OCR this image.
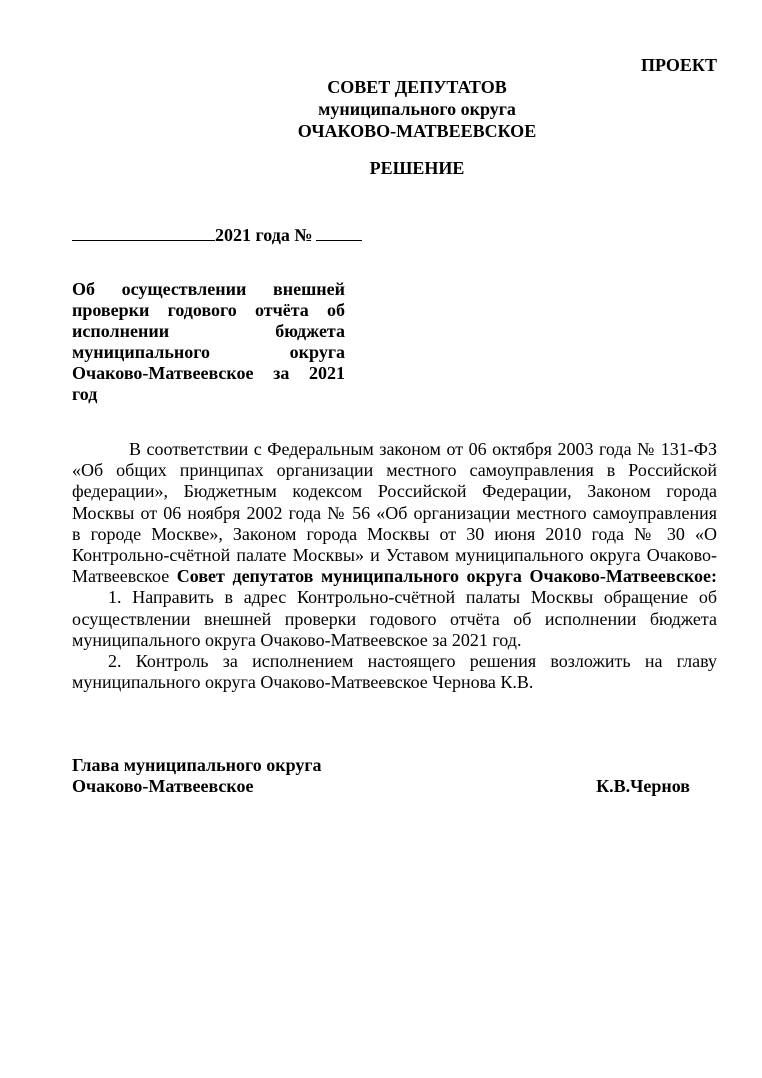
ПРОЕКТ
СОВЕТ ДЕПУТАТОВ
муниципального округа
ОЧАКОВО-МАТВЕЕВСКОЕ
РЕШЕНИЕ
2021 года №
Об осуществлении внешней
проверки годового отчёта об
исполнении бюджета
муниципального округа
Очаково-Матвеевское за 2021
год
В соответствии с Федеральным законом от 06 октября 2003 года № 131-ФЗ
«Об общих принципах организации местного самоуправления в Российской
федерации», Бюджетным кодексом Российской Федерации, Законом города
Москвы от 06 ноября 2002 года № 56 «Об организации местного самоуправления
в городе Москве», Законом города Москвы от 30 июня 2010 года № 30 «О
Контрольно-счётной палате Москвы» и Уставом муниципального округа Очаково-
Матвеевское Совет депутатов муниципального округа Очаково-Матвеевское:
1. Направить в адрес Контрольно-счётной палаты Москвы обращение об
осуществлении внешней проверки годового отчёта об исполнении бюджета
муниципального округа Очаково-Матвеевское за 2021 год.
2. Контроль за исполнением настоящего решения возложить на главу
муниципального округа Очаково-Матвеевское Чернова К.В.
Глава муниципального округа
Очаково-Матвеевское	К.В.Чернов
